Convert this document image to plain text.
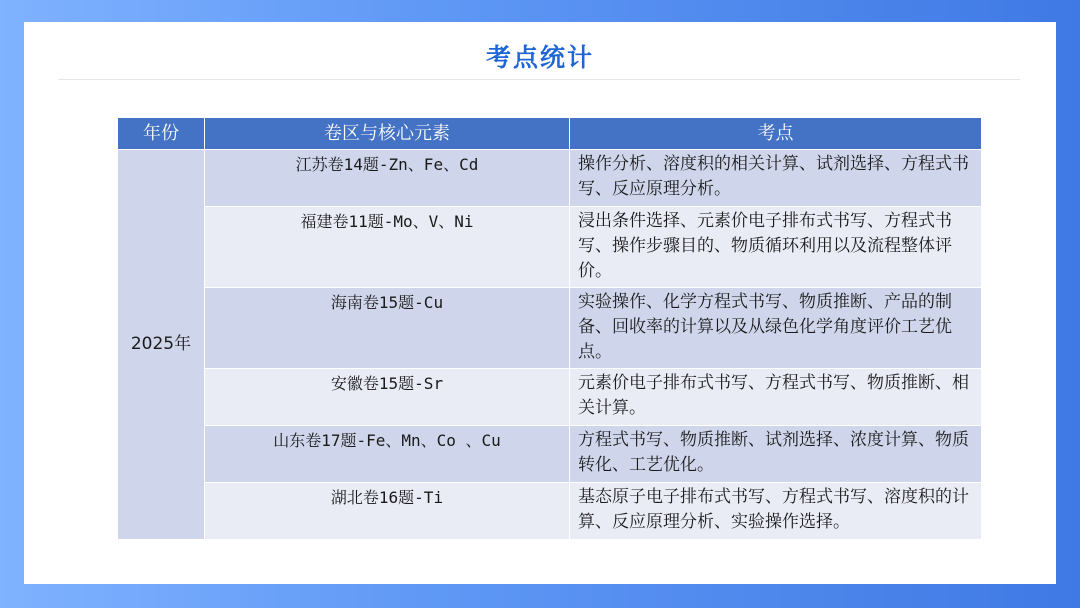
考点统计
年份	卷区与核心元素	考点
2025年	江苏卷14题-Zn、Fe、Cd	操作分析、溶度积的相关计算、试剂选择、方程式书写、反应原理分析。
	福建卷11题-Mo、V、Ni	浸出条件选择、元素价电子排布式书写、方程式书写、操作步骤目的、物质循环利用以及流程整体评价。
	海南卷15题-Cu	实验操作、化学方程式书写、物质推断、产品的制备、回收率的计算以及从绿色化学角度评价工艺优点。
	安徽卷15题-Sr	元素价电子排布式书写、方程式书写、物质推断、相关计算。
	山东卷17题-Fe、Mn、Co 、Cu	方程式书写、物质推断、试剂选择、浓度计算、物质转化、工艺优化。
	湖北卷16题-Ti	基态原子电子排布式书写、方程式书写、溶度积的计算、反应原理分析、实验操作选择。
